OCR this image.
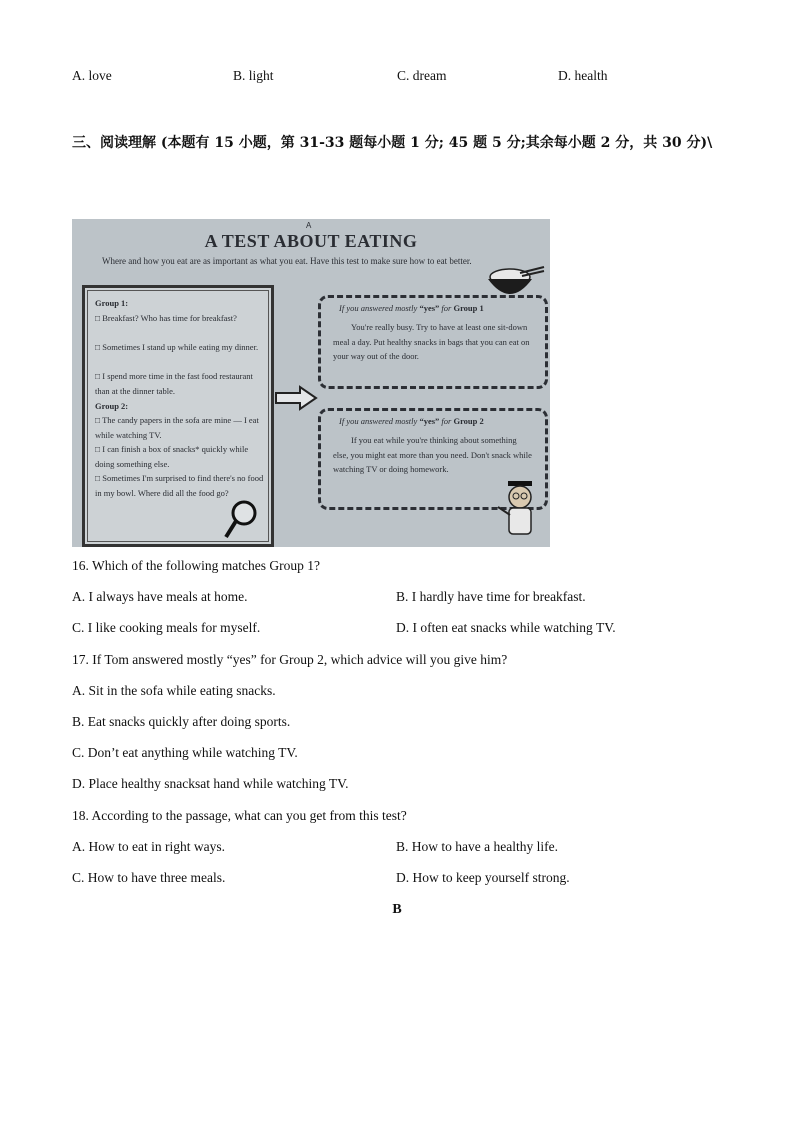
A. love	B. light	C. dream	D. health
三、阅读理解 (本题有 15 小题，第 31-33 题每小题 1 分; 45 题 5 分;其余每小题 2 分，共 30 分)\
A
A TEST ABOUT EATING
Where and how you eat are as important as what you eat. Have this test to make sure how to eat better.
Group 1:
□ Breakfast? Who has time for breakfast?
□ Sometimes I stand up while eating my dinner.
□ I spend more time in the fast food restaurant than at the dinner table.
Group 2:
□ The candy papers in the sofa are mine — I eat while watching TV.
□ I can finish a box of snacks* quickly while doing something else.
□ Sometimes I'm surprised to find there's no food in my bowl. Where did all the food go?
If you answered mostly “yes” for Group 1
You're really busy. Try to have at least one sit-down meal a day. Put healthy snacks in bags that you can eat on your way out of the door.
If you answered mostly “yes” for Group 2
If you eat while you're thinking about something else, you might eat more than you need. Don't snack while watching TV or doing homework.
16. Which of the following matches Group 1?
A. I always have meals at home.	B. I hardly have time for breakfast.
C. I like cooking meals for myself.	D. I often eat snacks while watching TV.
17. If Tom answered mostly “yes” for Group 2, which advice will you give him?
A. Sit in the sofa while eating snacks.
B. Eat snacks quickly after doing sports.
C. Don’t eat anything while watching TV.
D. Place healthy snacksat hand while watching TV.
18. According to the passage, what can you get from this test?
A. How to eat in right ways.	B. How to have a healthy life.
C. How to have three meals.	D. How to keep yourself strong.
B
